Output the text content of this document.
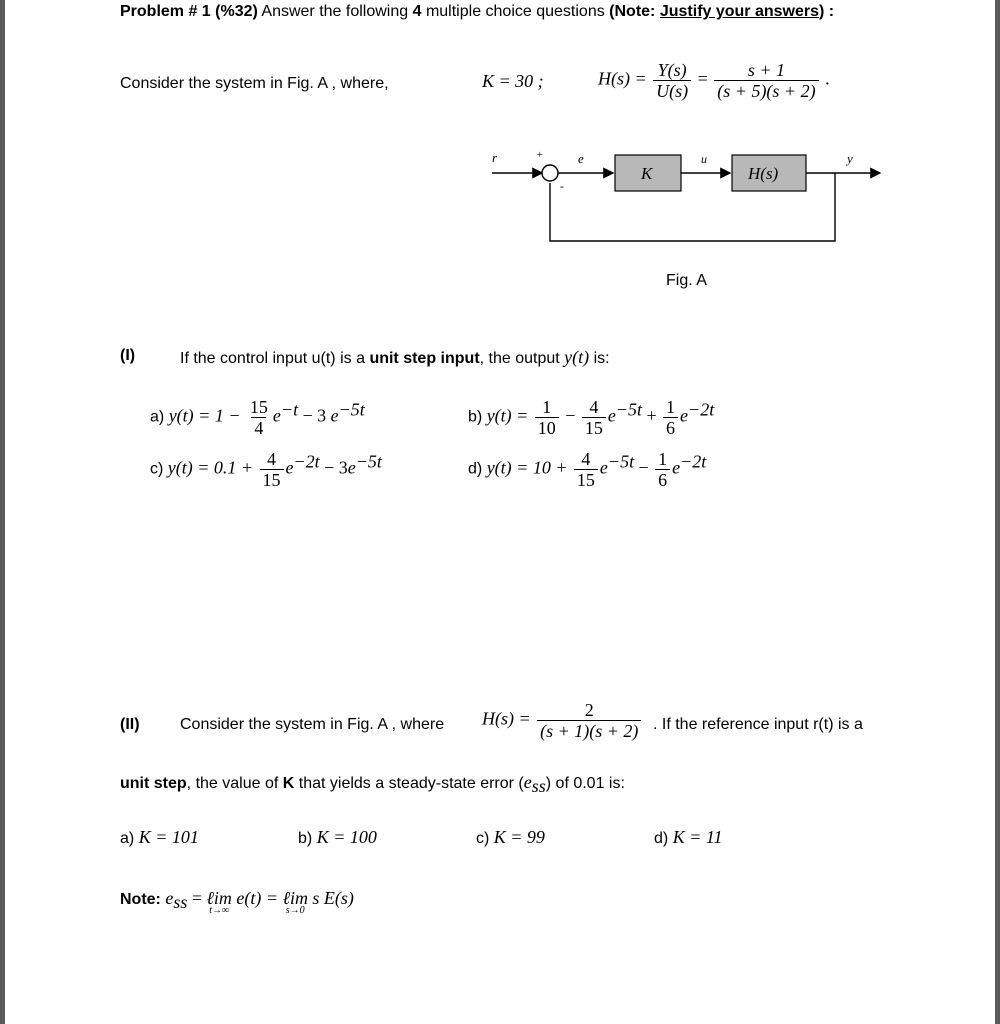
Problem # 1 (%32) Answer the following 4 multiple choice questions (Note: Justify your answers) :
Consider the system in Fig. A , where,	K = 30 ;	$H(s) = \frac{Y(s)}{U(s)} = \frac{s + 1}{(s + 5)(s + 2)}$ .
r	+
-
e
K
u
H(s)
y
Fig. A
(I)	If the control input u(t) is a unit step input, the output y(t) is:
a) $y(t) = 1 - \frac{15}{4} e^{-t} - 3$ $e^{-5t}$	b) $y(t) = \frac{1}{10} - \frac{4}{15} e^{-5t} + \frac{1}{6} e^{-2t}$
c) $y(t) = 0.1 + \frac{4}{15} e^{-2t} - 3e^{-5t}$	d) $y(t) = 10 + \frac{4}{15} e^{-5t} - \frac{1}{6} e^{-2t}$
(II)	Consider the system in Fig. A , where $H(s) = \frac{2}{(s + 1)(s + 2)}$ . If the reference input r(t) is a
unit step, the value of K that yields a steady-state error $(e_{ss})$ of 0.01 is:
a) K = 101	b) K = 100	c) K = 99	d) K = 11
Note: $e_{ss}$ = ℓim
t→∞
e(t) = ℓim
s→0
s E(s)
